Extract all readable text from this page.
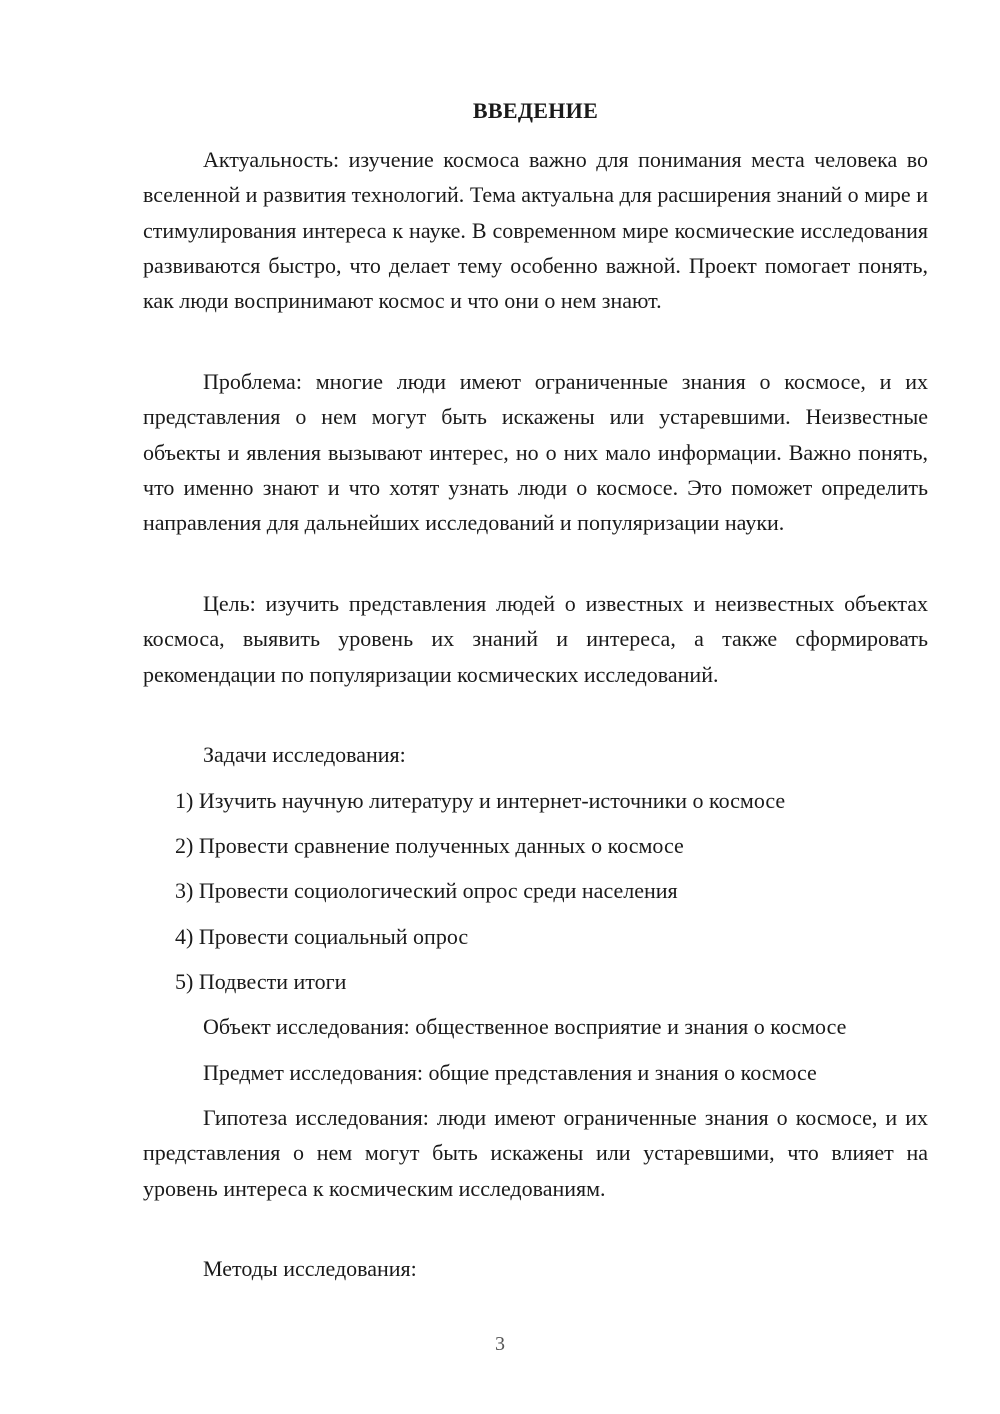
ВВЕДЕНИЕ

Актуальность: изучение космоса важно для понимания места человека во вселенной и развития технологий. Тема актуальна для расширения знаний о мире и стимулирования интереса к науке. В современном мире космические исследования развиваются быстро, что делает тему особенно важной. Проект помогает понять, как люди воспринимают космос и что они о нем знают.

Проблема: многие люди имеют ограниченные знания о космосе, и их представления о нем могут быть искажены или устаревшими. Неизвестные объекты и явления вызывают интерес, но о них мало информации. Важно понять, что именно знают и что хотят узнать люди о космосе. Это поможет определить направления для дальнейших исследований и популяризации науки.

Цель: изучить представления людей о известных и неизвестных объектах космоса, выявить уровень их знаний и интереса, а также сформировать рекомендации по популяризации космических исследований.

Задачи исследования:

1) Изучить научную литературу и интернет-источники о космосе

2) Провести сравнение полученных данных о космосе

3) Провести социологический опрос среди населения

4) Провести социальный опрос

5) Подвести итоги

Объект исследования: общественное восприятие и знания о космосе

Предмет исследования: общие представления и знания о космосе

Гипотеза исследования: люди имеют ограниченные знания о космосе, и их представления о нем могут быть искажены или устаревшими, что влияет на уровень интереса к космическим исследованиям.

Методы исследования:

3
